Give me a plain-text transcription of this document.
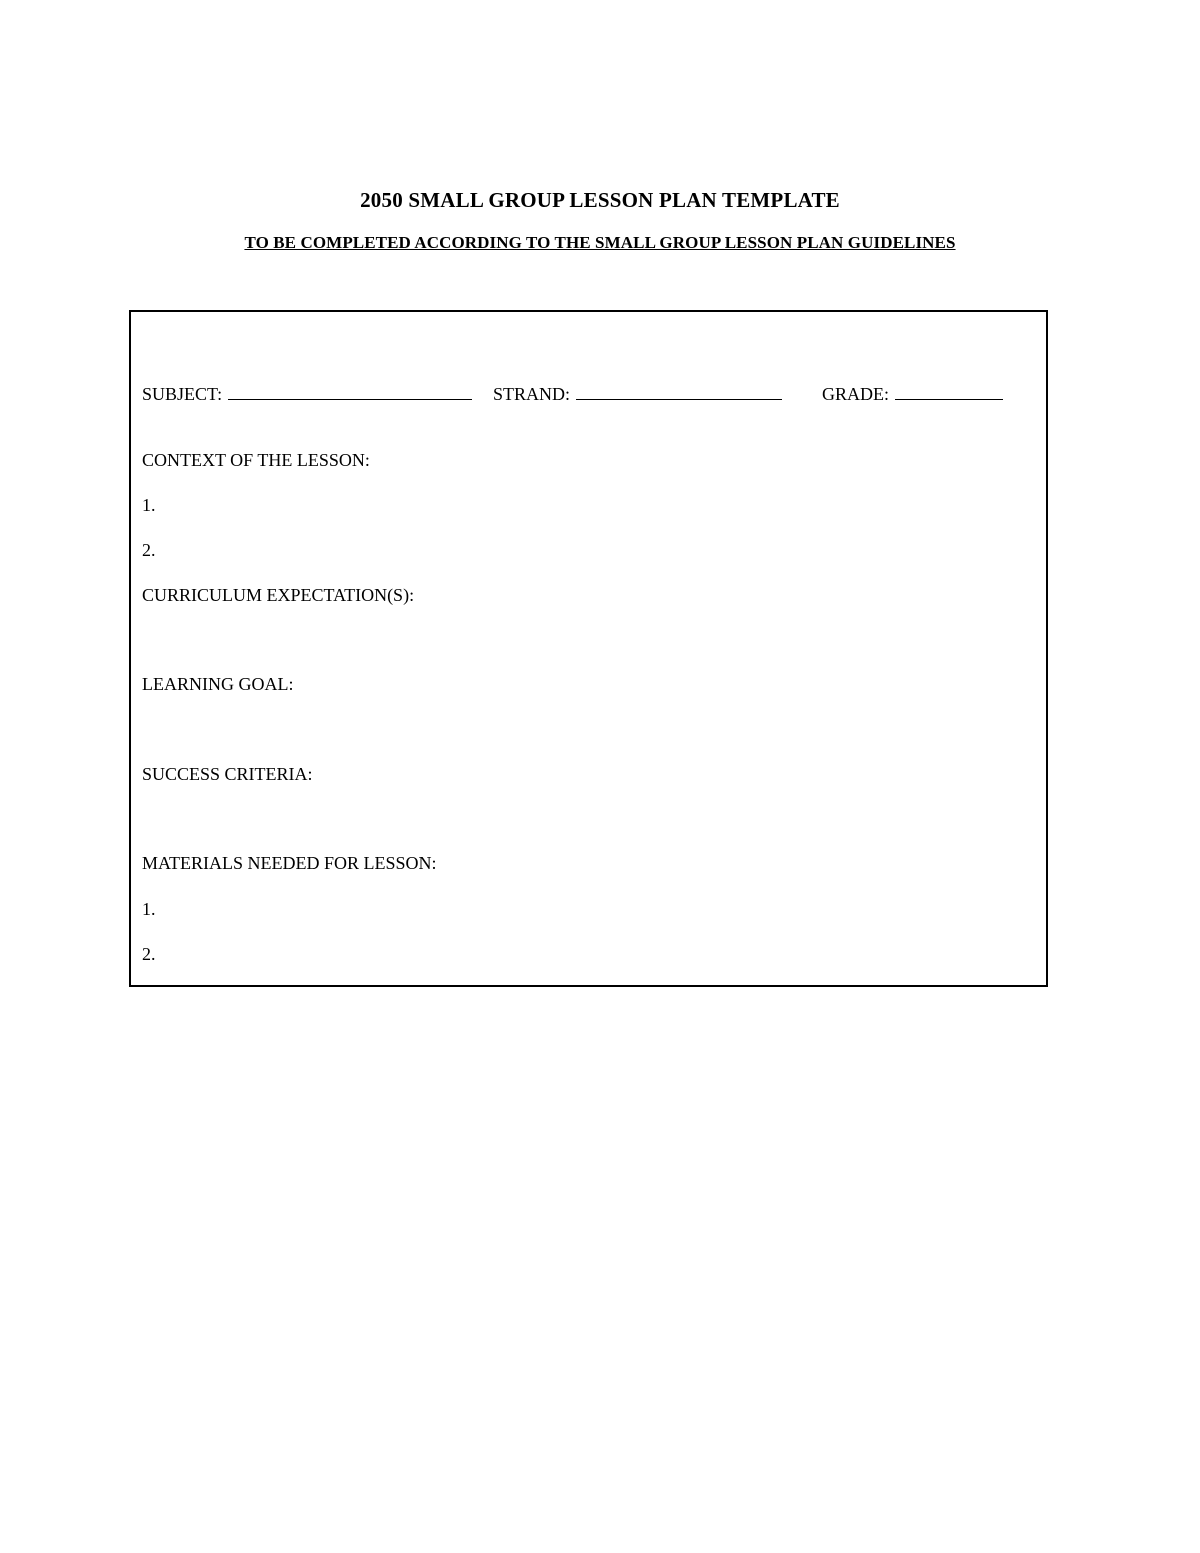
2050 SMALL GROUP LESSON PLAN TEMPLATE
TO BE COMPLETED ACCORDING TO THE SMALL GROUP LESSON PLAN GUIDELINES
SUBJECT:	STRAND:	GRADE:
CONTEXT OF THE LESSON:
1.
2.
CURRICULUM EXPECTATION(S):
LEARNING GOAL:
SUCCESS CRITERIA:
MATERIALS NEEDED FOR LESSON:
1.
2.
